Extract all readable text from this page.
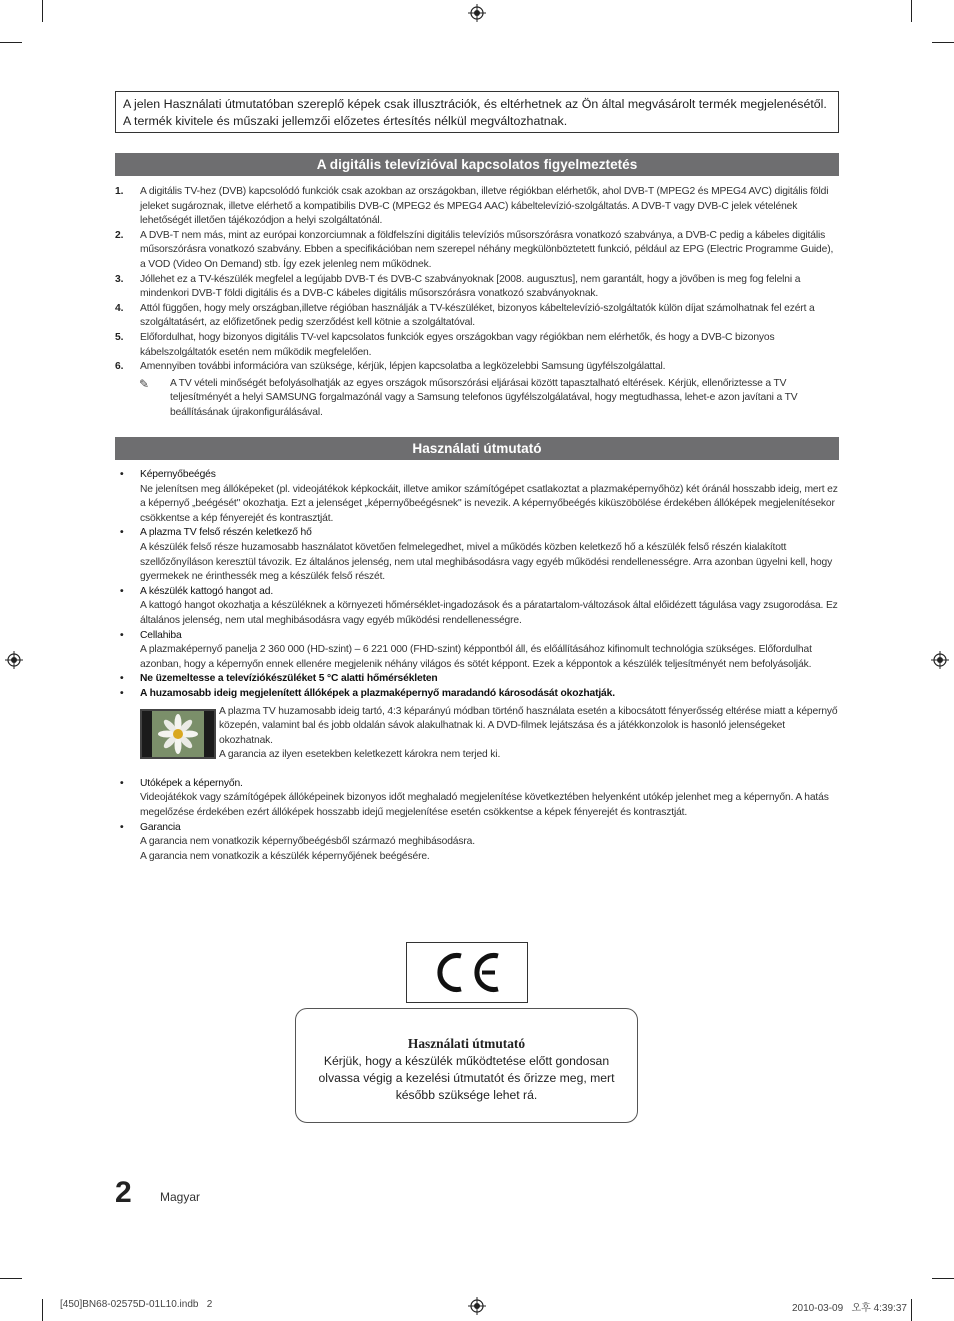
A jelen Használati útmutatóban szereplő képek csak illusztrációk, és eltérhetnek az Ön által megvásárolt termék megjelenésétől. A termék kivitele és műszaki jellemzői előzetes értesítés nélkül megváltozhatnak.
A digitális televízióval kapcsolatos figyelmeztetés
1. A digitális TV-hez (DVB) kapcsolódó funkciók csak azokban az országokban, illetve régiókban elérhetők, ahol DVB-T (MPEG2 és MPEG4 AVC) digitális földi jeleket sugároznak, illetve elérhető a kompatibilis DVB-C (MPEG2 és MPEG4 AAC) kábeltelevízió-szolgáltatás. A DVB-T vagy DVB-C jelek vételének lehetőségét illetően tájékozódjon a helyi szolgáltatónál.
2. A DVB-T nem más, mint az európai konzorciumnak a földfelszíni digitális televíziós műsorszórásra vonatkozó szabványa, a DVB-C pedig a kábeles digitális műsorszórásra vonatkozó szabvány. Ebben a specifikációban nem szerepel néhány megkülönböztetett funkció, például az EPG (Electric Programme Guide), a VOD (Video On Demand) stb. Így ezek jelenleg nem működnek.
3. Jóllehet ez a TV-készülék megfelel a legújabb DVB-T és DVB-C szabványoknak [2008. augusztus], nem garantált, hogy a jövőben is meg fog felelni a mindenkori DVB-T földi digitális és a DVB-C kábeles digitális műsorszórásra vonatkozó szabványoknak.
4. Attól függően, hogy mely országban,illetve régióban használják a TV-készüléket, bizonyos kábeltelevízió-szolgáltatók külön díjat számolhatnak fel ezért a szolgáltatásért, az előfizetőnek pedig szerződést kell kötnie a szolgáltatóval.
5. Előfordulhat, hogy bizonyos digitális TV-vel kapcsolatos funkciók egyes országokban vagy régiókban nem elérhetők, és hogy a DVB-C bizonyos kábelszolgáltatók esetén nem működik megfelelően.
6. Amennyiben további információra van szüksége, kérjük, lépjen kapcsolatba a legközelebbi Samsung ügyfélszolgálattal.
✎ A TV vételi minőségét befolyásolhatják az egyes országok műsorszórási eljárásai között tapasztalható eltérések. Kérjük, ellenőriztesse a TV teljesítményét a helyi SAMSUNG forgalmazónál vagy a Samsung telefonos ügyfélszolgálatával, hogy megtudhassa, lehet-e azon javítani a TV beállításának újrakonfigurálásával.
Használati útmutató
• Képernyőbeégés
Ne jelenítsen meg állóképeket (pl. videojátékok képkockáit, illetve amikor számítógépet csatlakoztat a plazmaképernyőhöz) két óránál hosszabb ideig, mert ez a képernyő „beégését" okozhatja. Ezt a jelenséget „képernyőbeégésnek" is nevezik. A képernyőbeégés kiküszöbölése érdekében állóképek megjelenítésekor csökkentse a kép fényerejét és kontrasztját.
• A plazma TV felső részén keletkező hő
A készülék felső része huzamosabb használatot követően felmelegedhet, mivel a működés közben keletkező hő a készülék felső részén kialakított szellőzőnyíláson keresztül távozik. Ez általános jelenség, nem utal meghibásodásra vagy egyéb működési rendellenességre. Arra azonban ügyelni kell, hogy gyermekek ne érinthessék meg a készülék felső részét.
• A készülék kattogó hangot ad.
A kattogó hangot okozhatja a készüléknek a környezeti hőmérséklet-ingadozások és a páratartalom-változások által előidézett tágulása vagy zsugorodása. Ez általános jelenség, nem utal meghibásodásra vagy egyéb működési rendellenességre.
• Cellahiba
A plazmaképernyő panelja 2 360 000 (HD-szint) – 6 221 000 (FHD-szint) képpontból áll, és előállításához kifinomult technológia szükséges. Előfordulhat azonban, hogy a képernyőn ennek ellenére megjelenik néhány világos és sötét képpont. Ezek a képpontok a készülék teljesítményét nem befolyásolják.
• Ne üzemeltesse a televíziókészüléket 5 °C alatti hőmérsékleten
• A huzamosabb ideig megjelenített állóképek a plazmaképernyő maradandó károsodását okozhatják.
A plazma TV huzamosabb ideig tartó, 4:3 képarányú módban történő használata esetén a kibocsátott fényerősség eltérése miatt a képernyő közepén, valamint bal és jobb oldalán sávok alakulhatnak ki. A DVD-filmek lejátszása és a játékkonzolok is hasonló jelenségeket okozhatnak.
A garancia az ilyen esetekben keletkezett károkra nem terjed ki.
• Utóképek a képernyőn.
Videojátékok vagy számítógépek állóképeinek bizonyos időt meghaladó megjelenítése következtében helyenként utókép jelenhet meg a képernyőn. A hatás megelőzése érdekében ezért állóképek hosszabb idejű megjelenítése esetén csökkentse a képek fényerejét és kontrasztját.
• Garancia
A garancia nem vonatkozik képernyőbeégésből származó meghibásodásra.
A garancia nem vonatkozik a készülék képernyőjének beégésére.
Használati útmutató
Kérjük, hogy a készülék működtetése előtt gondosan olvassa végig a kezelési útmutatót és őrizze meg, mert később szüksége lehet rá.
2 Magyar
[450]BN68-02575D-01L10.indb   2	2010-03-09   오후 4:39:37
